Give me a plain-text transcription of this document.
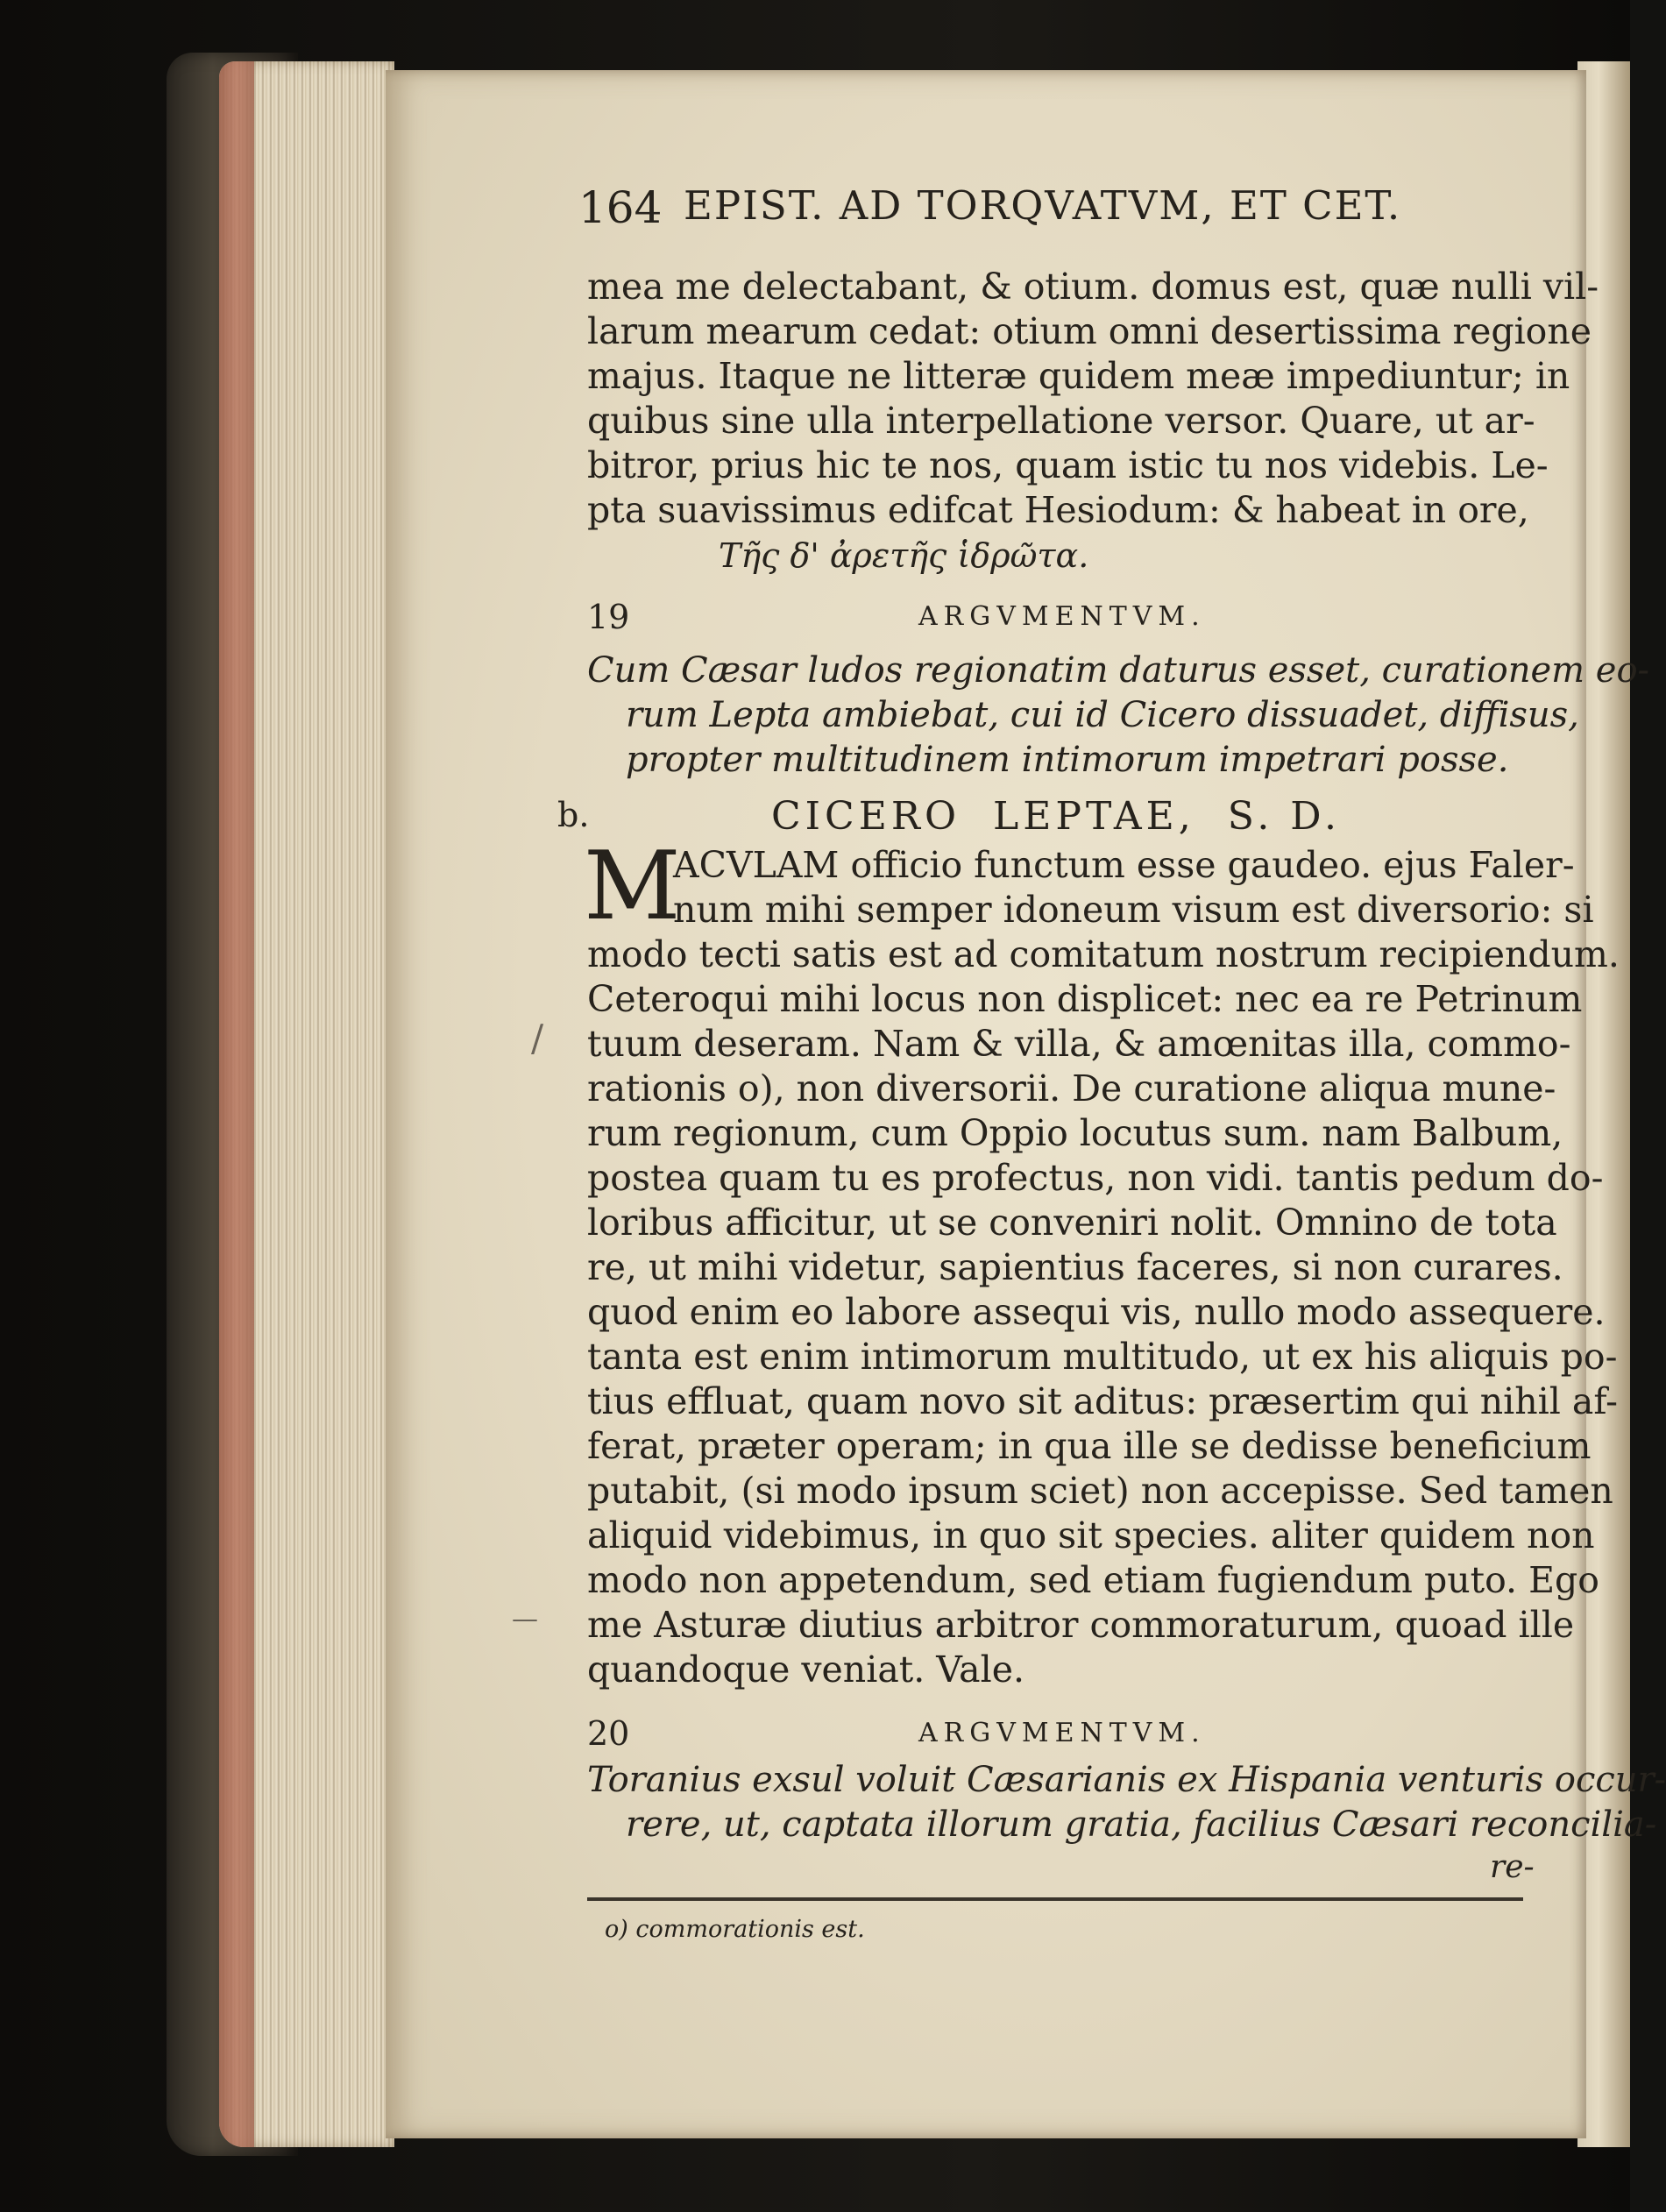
164 EPIST. AD TORQVATVM, ET CET.
mea me delectabant, & otium. domus est, quæ nulli vil-
larum mearum cedat: otium omni desertissima regione
majus. Itaque ne litteræ quidem meæ impediuntur; in
quibus sine ulla interpellatione versor. Quare, ut ar-
bitror, prius hic te nos, quam istic tu nos videbis. Le-
pta suavissimus edifcat Hesiodum: & habeat in ore,
Τῆς δ' ἀρετῆς ἱδρῶτα.
19	ARGVMENTVM.
Cum Cæsar ludos regionatim daturus esset, curationem eo-
rum Lepta ambiebat, cui id Cicero dissuadet, diffisus,
propter multitudinem intimorum impetrari posse.
b.	CICERO LEPTAE, S. D.
M
ACVLAM officio functum esse gaudeo. ejus Faler-
num mihi semper idoneum visum est diversorio: si
modo tecti satis est ad comitatum nostrum recipiendum.
Ceteroqui mihi locus non displicet: nec ea re Petrinum
tuum deseram. Nam & villa, & amœnitas illa, commo-
rationis o), non diversorii. De curatione aliqua mune-
rum regionum, cum Oppio locutus sum. nam Balbum,
postea quam tu es profectus, non vidi. tantis pedum do-
loribus afficitur, ut se conveniri nolit. Omnino de tota
re, ut mihi videtur, sapientius faceres, si non curares.
quod enim eo labore assequi vis, nullo modo assequere.
tanta est enim intimorum multitudo, ut ex his aliquis po-
tius effluat, quam novo sit aditus: præsertim qui nihil af-
ferat, præter operam; in qua ille se dedisse beneficium
putabit, (si modo ipsum sciet) non accepisse. Sed tamen
aliquid videbimus, in quo sit species. aliter quidem non
modo non appetendum, sed etiam fugiendum puto. Ego
me Asturæ diutius arbitror commoraturum, quoad ille
quandoque veniat. Vale.
20	ARGVMENTVM.
Toranius exsul voluit Cæsarianis ex Hispania venturis occur-
rere, ut, captata illorum gratia, facilius Cæsari reconcilia-
re-
o) commorationis est.
/
—
